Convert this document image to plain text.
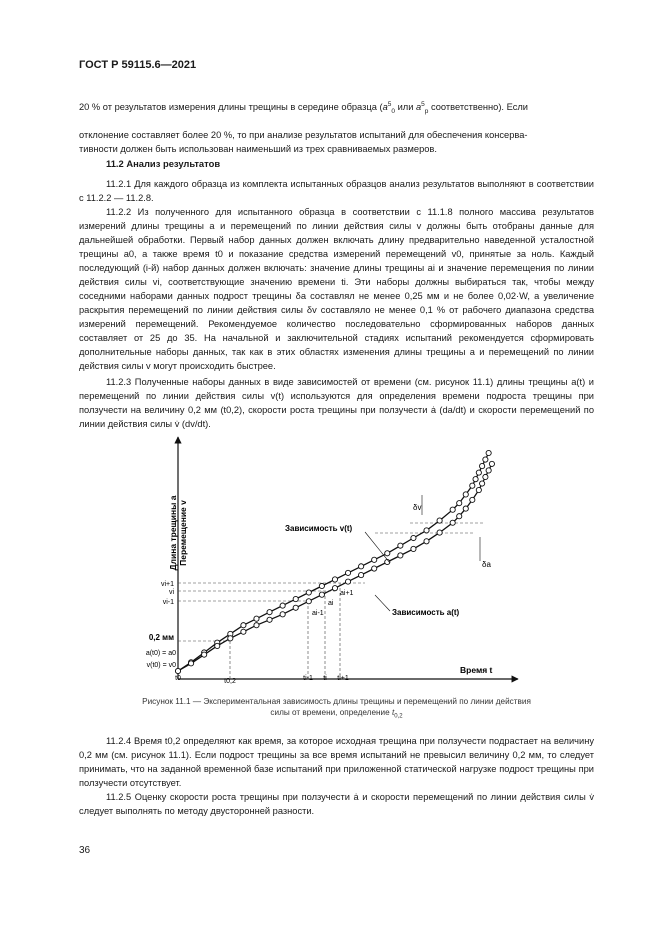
ГОСТ Р 59115.6—2021
20 % от результатов измерения длины трещины в середине образца ($a^5_0$ или $a^5_p$ соответственно). Если
отклонение составляет более 20 %, то при анализе результатов испытаний для обеспечения консерва-
тивности должен быть использован наименьший из трех сравниваемых размеров.
11.2 Анализ результатов
11.2.1 Для каждого образца из комплекта испытанных образцов анализ результатов выполняют в соответствии с 11.2.2 — 11.2.8.
11.2.2 Из полученного для испытанного образца в соответствии с 11.1.8 полного массива результатов измерений длины трещины a и перемещений по линии действия силы v должны быть отобраны данные для дальнейшей обработки. Первый набор данных должен включать длину предварительно наведенной усталостной трещины a0, а также время t0 и показание средства измерений перемещений v0, принятые за ноль. Каждый последующий (i-й) набор данных должен включать: значение длины трещины ai и значение перемещения по линии действия силы vi, соответствующие значению времени ti. Эти наборы должны выбираться так, чтобы между соседними наборами данных подрост трещины δa составлял не менее 0,25 мм и не более 0,02·W, а увеличение раскрытия перемещений по линии действия силы δv составляло не менее 0,1 % от рабочего диапазона средства измерений перемещений. Рекомендуемое количество последовательно сформированных наборов данных составляет от 25 до 35. На начальной и заключительной стадиях испытаний рекомендуется сформировать дополнительные наборы данных, так как в этих областях изменения длины трещины a и перемещений по линии действия силы v могут происходить быстрее.
11.2.3 Полученные наборы данных в виде зависимостей от времени (см. рисунок 11.1) длины трещины a(t) и перемещений по линии действия силы v(t) используются для определения времени подроста трещины при ползучести на величину 0,2 мм (t0,2), скорости роста трещины при ползучести ȧ (da/dt) и скорости перемещений по линии действия силы v̇ (dv/dt).
Длина трещины a Перемещение v
Время t
Зависимость v(t)
Зависимость a(t)
δv
δa
vi+1
vi
vi-1
0,2 мм
a(t0) = a0
v(t0) = v0
t0	t0,2	ti-1 ti ti+1
ai+1
ai
ai-1
Рисунок 11.1 — Экспериментальная зависимость длины трещины и перемещений по линии действия
силы от времени, определение $t_{0,2}$
11.2.4 Время t0,2 определяют как время, за которое исходная трещина при ползучести подрастает на величину 0,2 мм (см. рисунок 11.1). Если подрост трещины за все время испытаний не превысил величину 0,2 мм, то следует принимать, что на заданной временной базе испытаний при приложенной статической нагрузке подрост трещины при ползучести отсутствует.
11.2.5 Оценку скорости роста трещины при ползучести ȧ и скорости перемещений по линии действия силы v̇ следует выполнять по методу двусторонней разности.
36
